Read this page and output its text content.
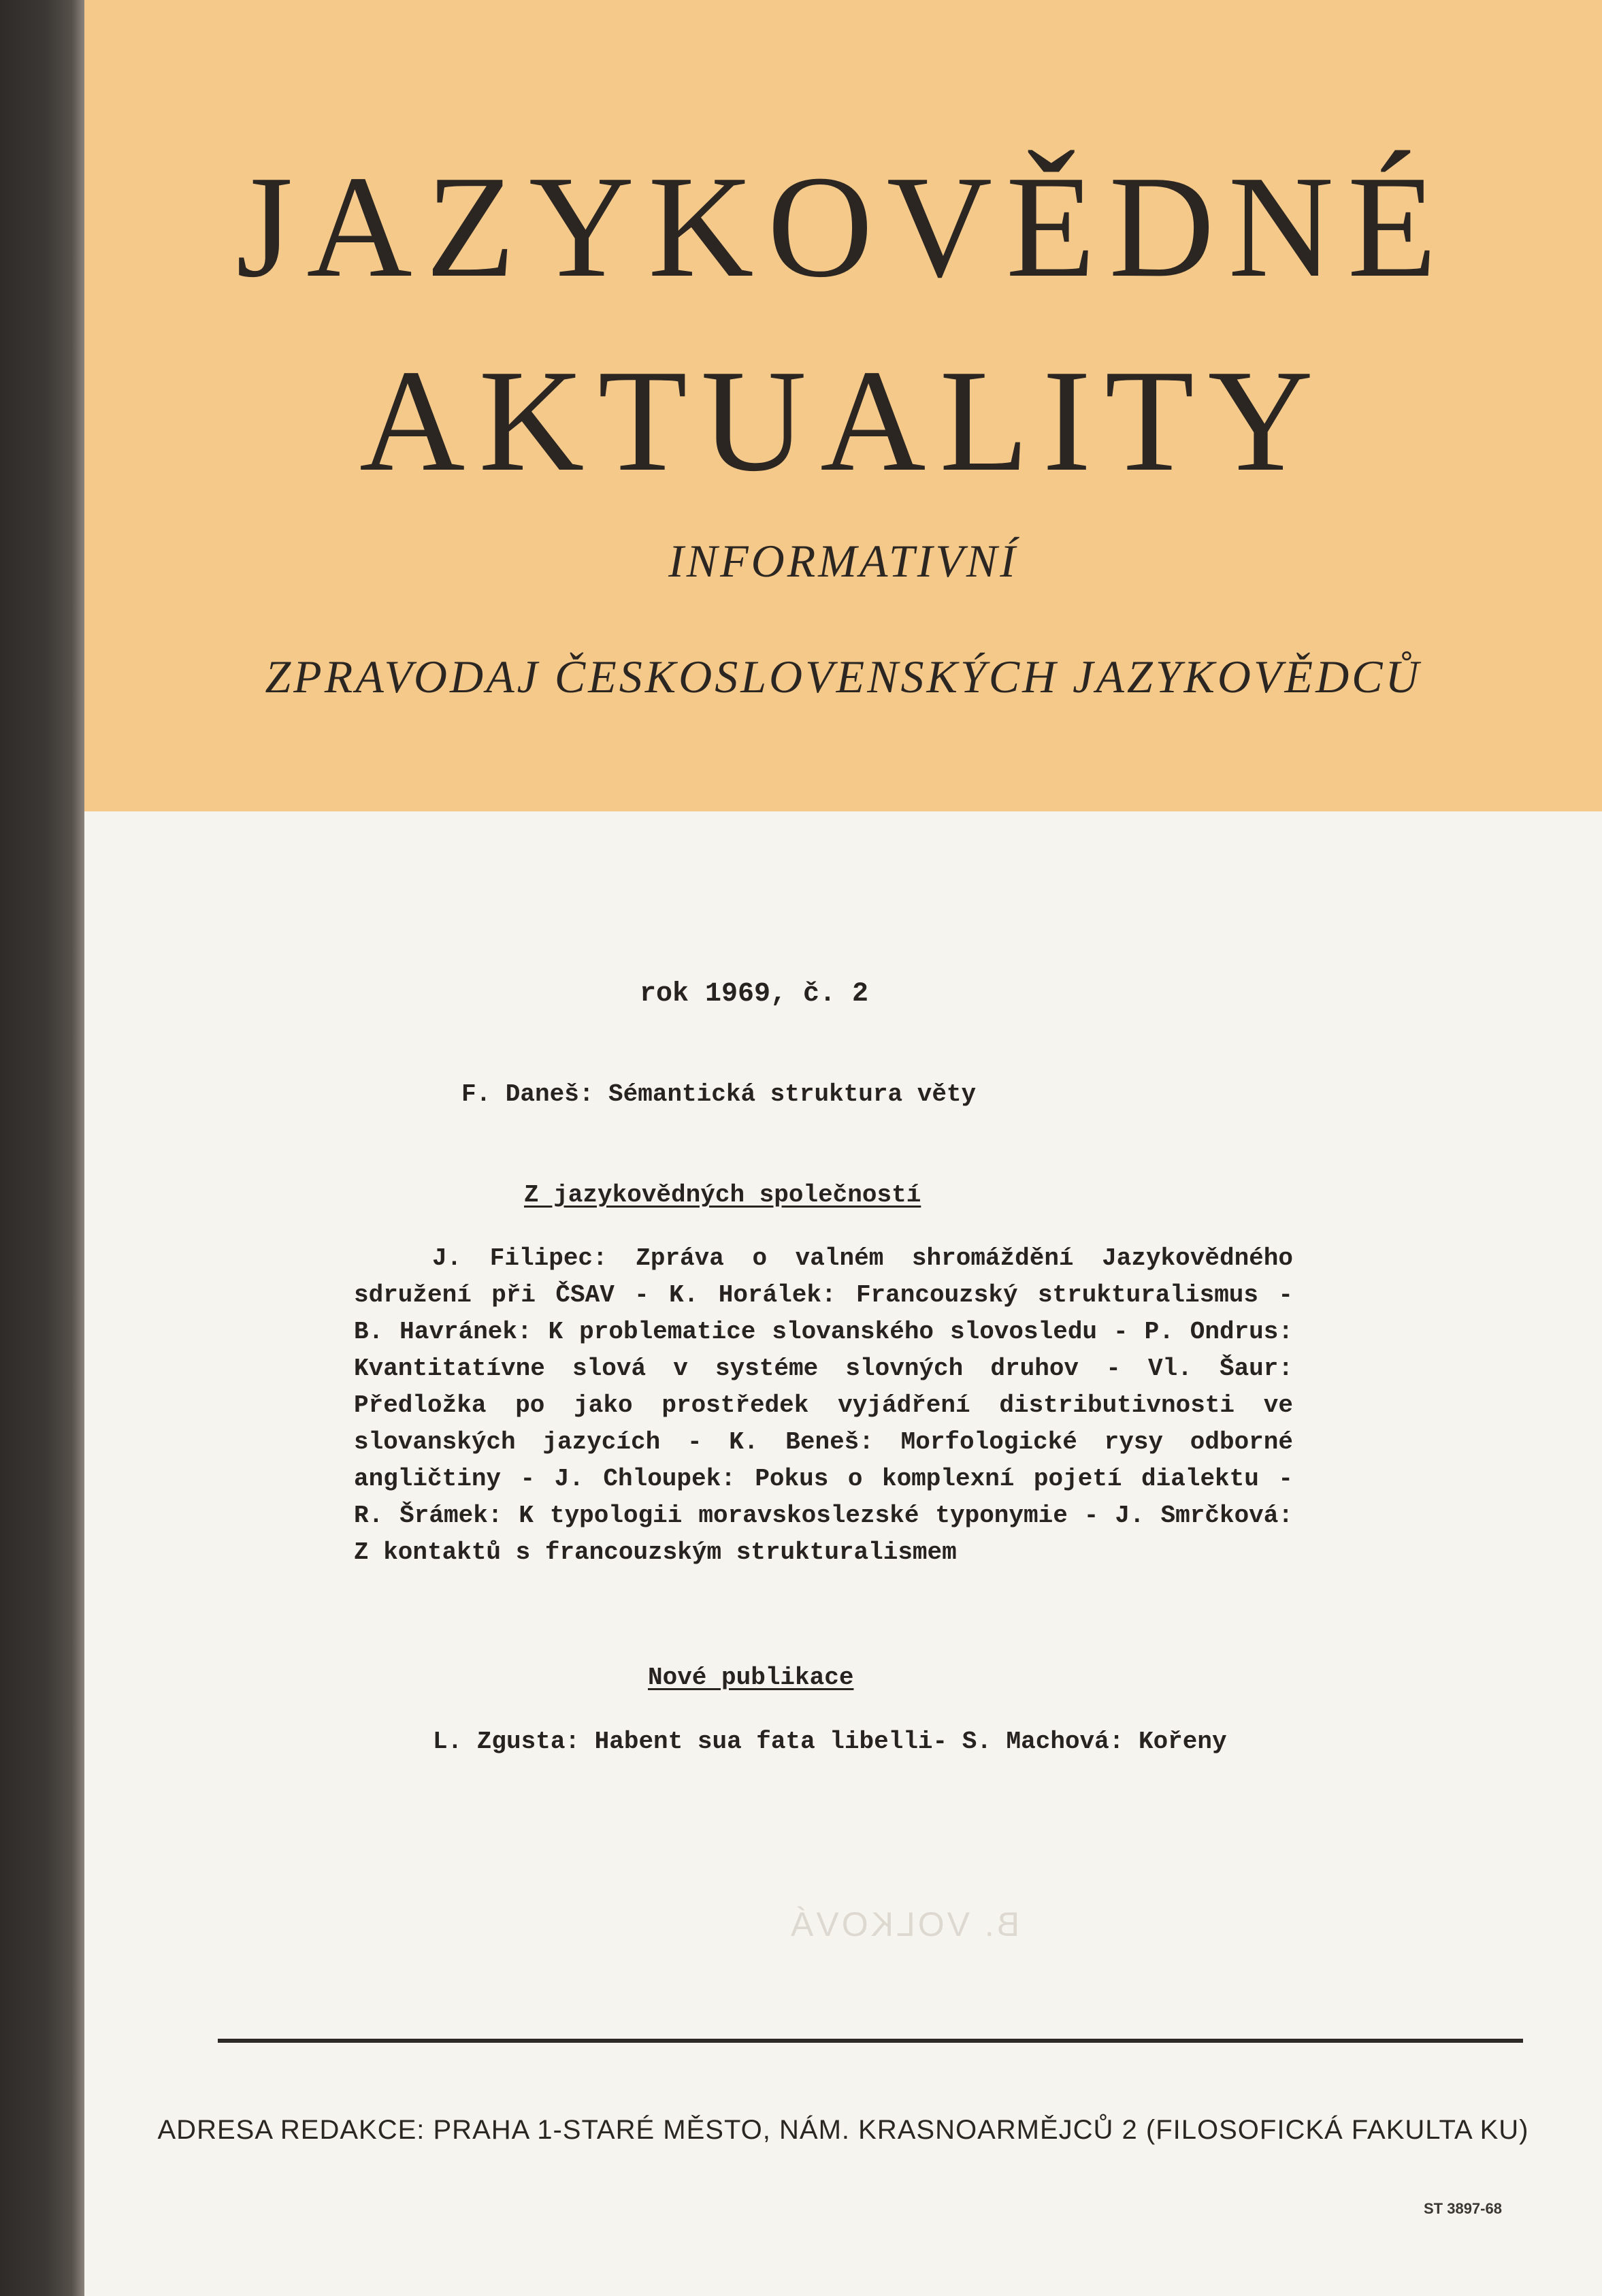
JAZYKOVĚDNÉ
AKTUALITY

INFORMATIVNÍ

ZPRAVODAJ ČESKOSLOVENSKÝCH JAZYKOVĚDCŮ

rok 1969, č. 2
F. Daneš: Sémantická struktura věty
Z jazykovědných společností

J. Filipec: Zpráva o valném shromáždění Jazykovědného sdružení při ČSAV - K. Horálek: Francouzský strukturalismus - B. Havránek: K problematice slovanského slovosledu - P. Ondrus: Kvantitatívne slová v systéme slovných druhov - Vl. Šaur: Předložka po jako prostředek vyjádření distributivnosti ve slovanských jazycích - K. Beneš: Morfologické rysy odborné angličtiny - J. Chloupek: Pokus o komplexní pojetí dialektu - R. Šrámek: K typologii moravskoslezské typonymie - J. Smrčková: Z kontaktů s francouzským strukturalismem

Nové publikace
L. Zgusta: Habent sua fata libelli- S. Machová: Kořeny
B. VOLKOVÁ

ADRESA REDAKCE: PRAHA 1-STARÉ MĚSTO, NÁM. KRASNOARMĚJCŮ 2 (FILOSOFICKÁ FAKULTA KU)

ST 3897-68
